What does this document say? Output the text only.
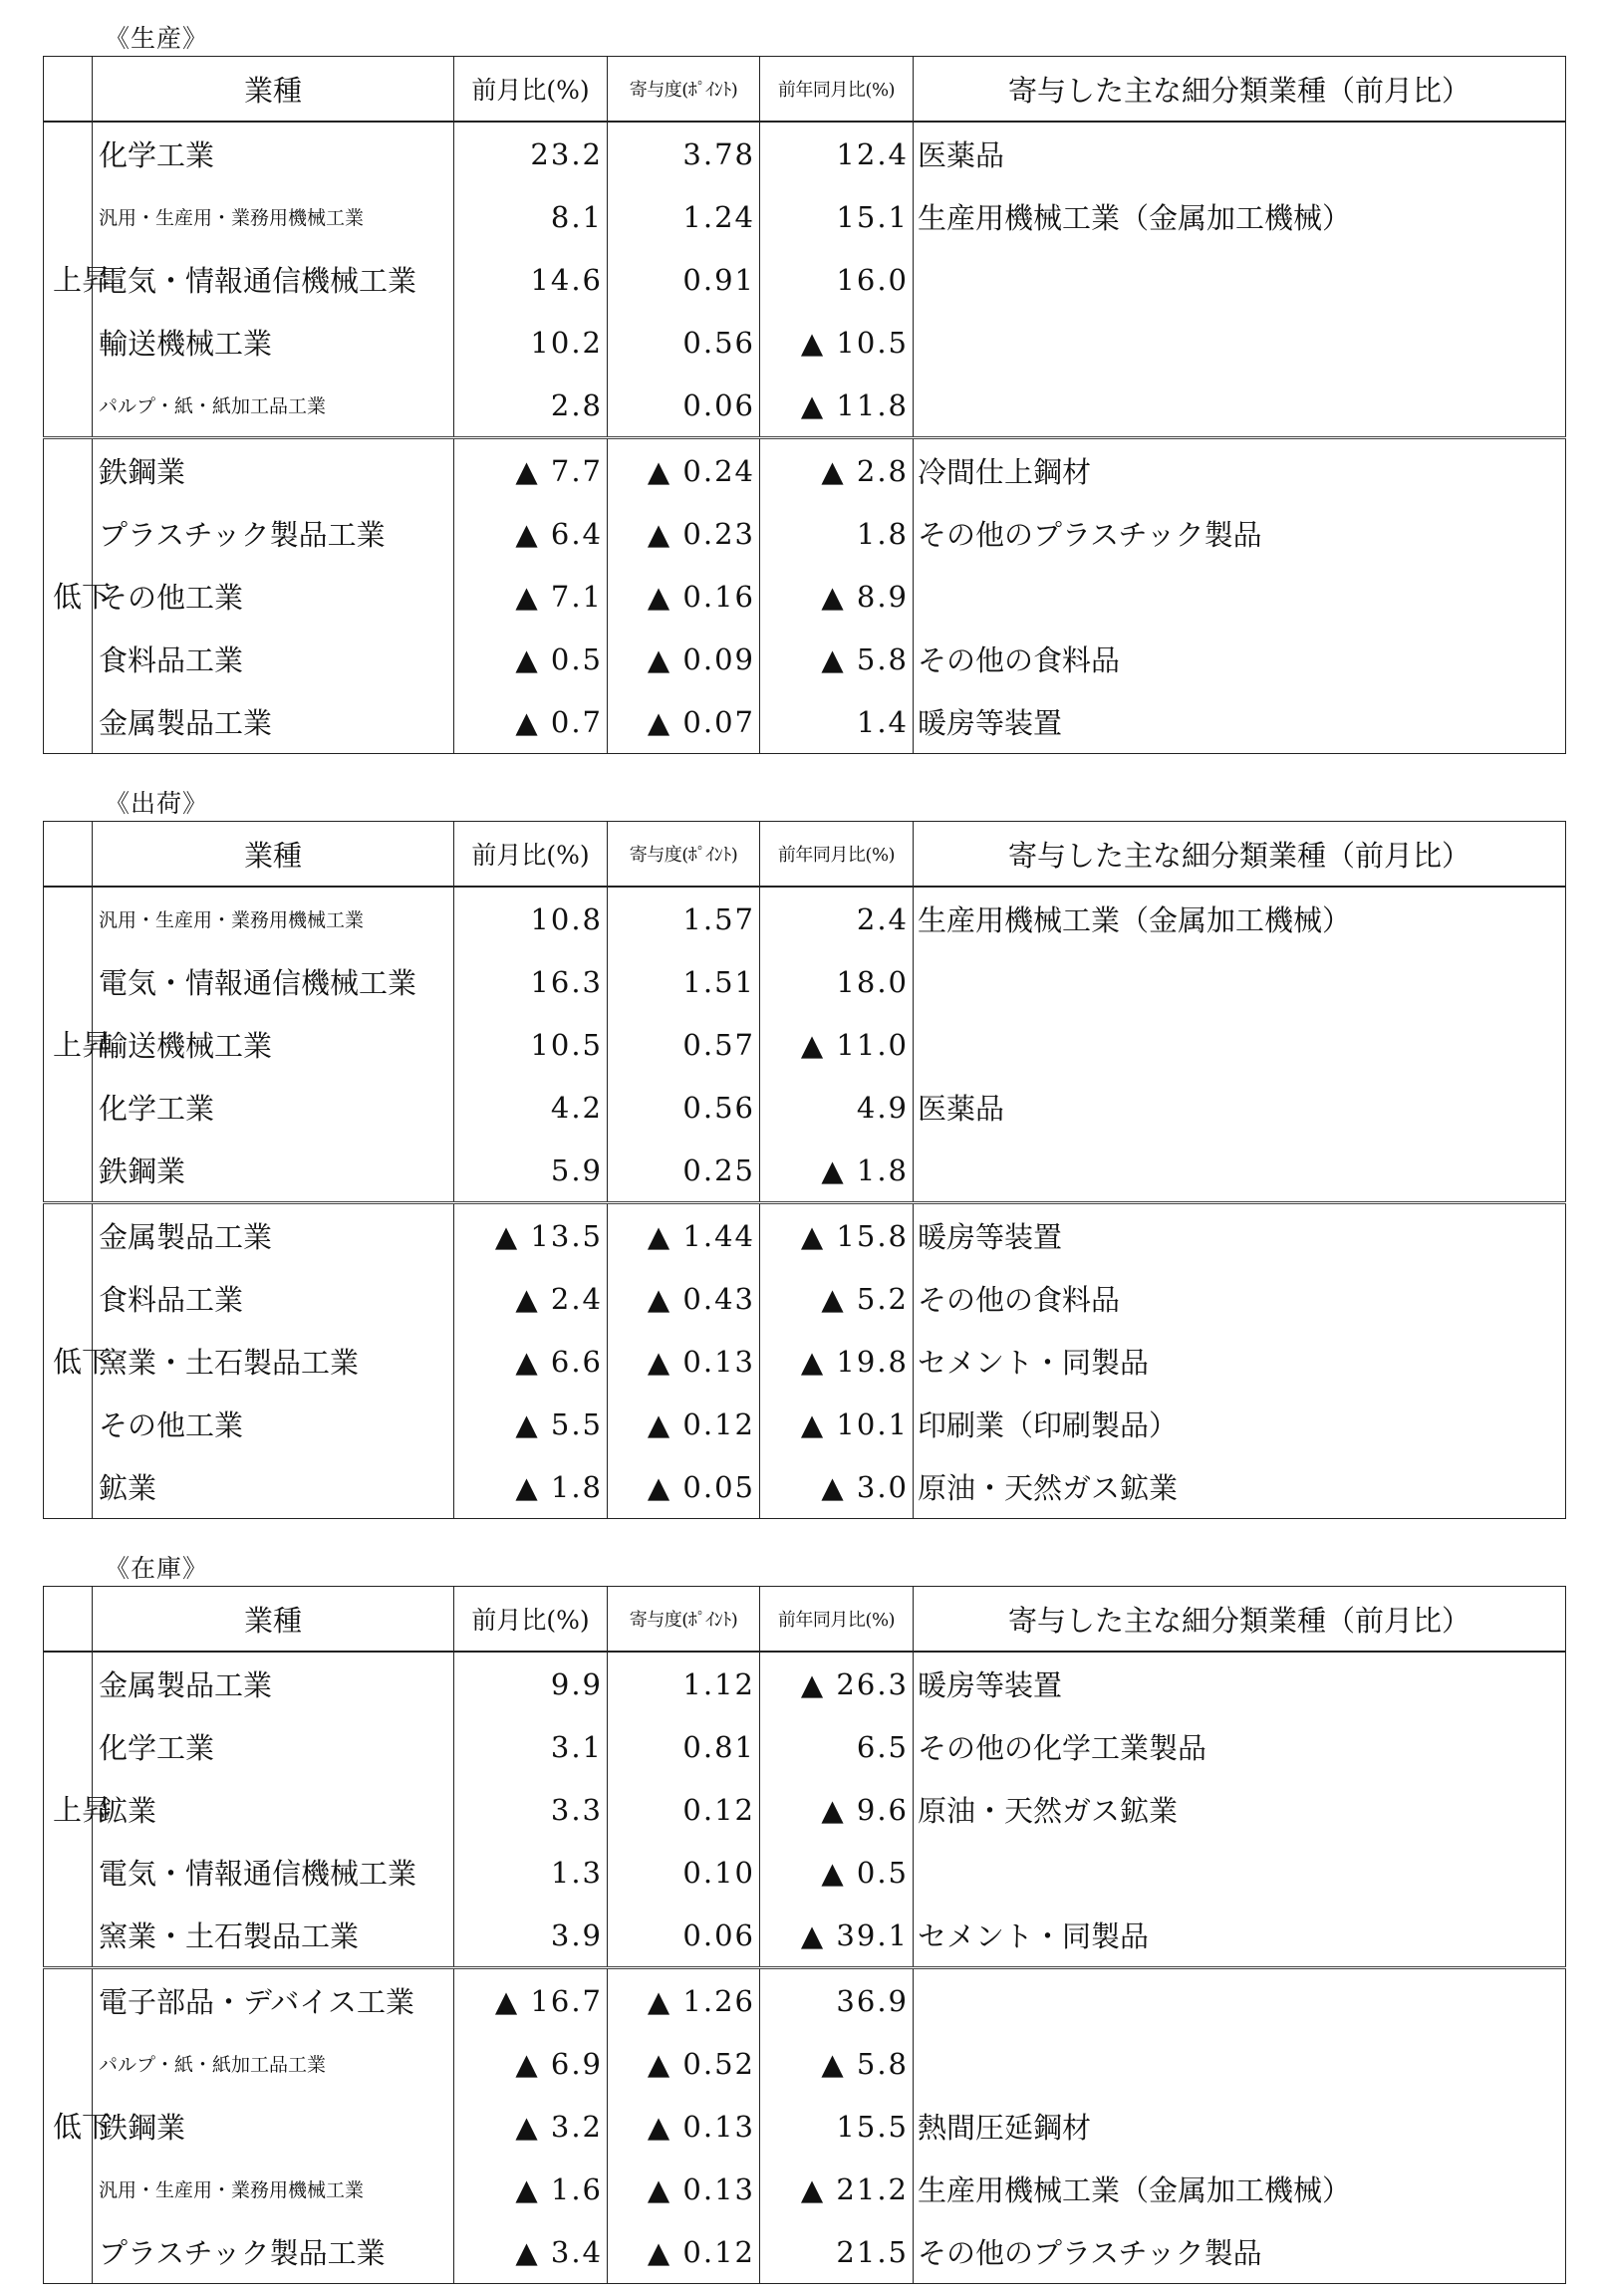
《生産》
	業種	前月比(%)	寄与度(ﾎﾟｲﾝﾄ)	前年同月比(%)	寄与した主な細分類業種（前月比）

上昇	化学工業	23.2	3.78	12.4	医薬品
	汎用・生産用・業務用機械工業	8.1	1.24	15.1	生産用機械工業（金属加工機械）
	電気・情報通信機械工業	14.6	0.91	16.0	
	輸送機械工業	10.2	0.56	▲ 10.5	
	パルプ・紙・紙加工品工業	2.8	0.06	▲ 11.8	

低下	鉄鋼業	▲ 7.7	▲ 0.24	▲ 2.8	冷間仕上鋼材
	プラスチック製品工業	▲ 6.4	▲ 0.23	1.8	その他のプラスチック製品
	その他工業	▲ 7.1	▲ 0.16	▲ 8.9	
	食料品工業	▲ 0.5	▲ 0.09	▲ 5.8	その他の食料品
	金属製品工業	▲ 0.7	▲ 0.07	1.4	暖房等装置
《出荷》
	業種	前月比(%)	寄与度(ﾎﾟｲﾝﾄ)	前年同月比(%)	寄与した主な細分類業種（前月比）

上昇	汎用・生産用・業務用機械工業	10.8	1.57	2.4	生産用機械工業（金属加工機械）
	電気・情報通信機械工業	16.3	1.51	18.0	
	輸送機械工業	10.5	0.57	▲ 11.0	
	化学工業	4.2	0.56	4.9	医薬品
	鉄鋼業	5.9	0.25	▲ 1.8	

低下	金属製品工業	▲ 13.5	▲ 1.44	▲ 15.8	暖房等装置
	食料品工業	▲ 2.4	▲ 0.43	▲ 5.2	その他の食料品
	窯業・土石製品工業	▲ 6.6	▲ 0.13	▲ 19.8	セメント・同製品
	その他工業	▲ 5.5	▲ 0.12	▲ 10.1	印刷業（印刷製品）
	鉱業	▲ 1.8	▲ 0.05	▲ 3.0	原油・天然ガス鉱業
《在庫》
	業種	前月比(%)	寄与度(ﾎﾟｲﾝﾄ)	前年同月比(%)	寄与した主な細分類業種（前月比）

上昇	金属製品工業	9.9	1.12	▲ 26.3	暖房等装置
	化学工業	3.1	0.81	6.5	その他の化学工業製品
	鉱業	3.3	0.12	▲ 9.6	原油・天然ガス鉱業
	電気・情報通信機械工業	1.3	0.10	▲ 0.5	
	窯業・土石製品工業	3.9	0.06	▲ 39.1	セメント・同製品

低下	電子部品・デバイス工業	▲ 16.7	▲ 1.26	36.9	
	パルプ・紙・紙加工品工業	▲ 6.9	▲ 0.52	▲ 5.8	
	鉄鋼業	▲ 3.2	▲ 0.13	15.5	熱間圧延鋼材
	汎用・生産用・業務用機械工業	▲ 1.6	▲ 0.13	▲ 21.2	生産用機械工業（金属加工機械）
	プラスチック製品工業	▲ 3.4	▲ 0.12	21.5	その他のプラスチック製品
